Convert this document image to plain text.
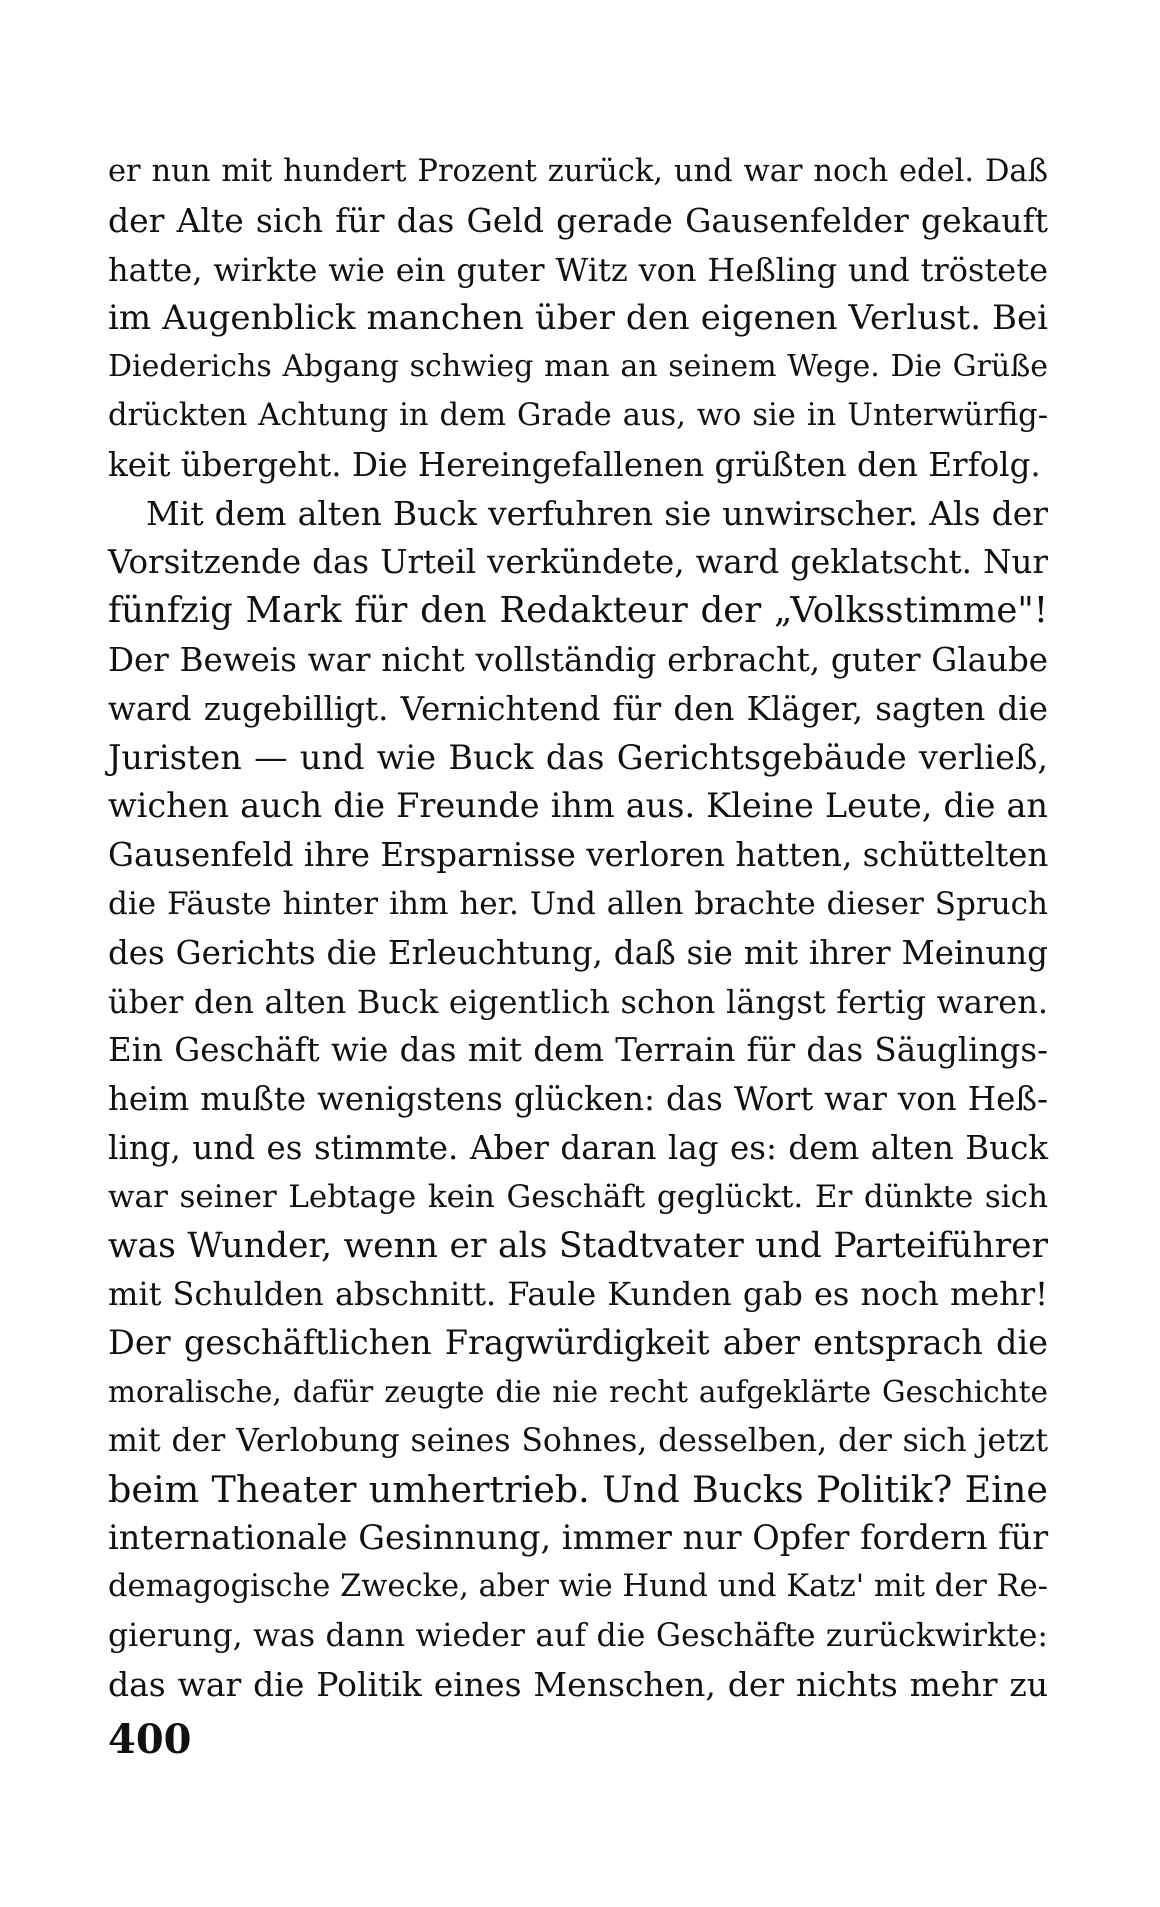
er nun mit hundert Prozent zurück, und war noch edel. Daß
der Alte sich für das Geld gerade Gausenfelder gekauft
hatte, wirkte wie ein guter Witz von Heßling und tröstete
im Augenblick manchen über den eigenen Verlust. Bei
Diederichs Abgang schwieg man an seinem Wege. Die Grüße
drückten Achtung in dem Grade aus, wo sie in Unterwürfig-
keit übergeht. Die Hereingefallenen grüßten den Erfolg.
Mit dem alten Buck verfuhren sie unwirscher. Als der
Vorsitzende das Urteil verkündete, ward geklatscht. Nur
fünfzig Mark für den Redakteur der „Volksstimme"!
Der Beweis war nicht vollständig erbracht, guter Glaube
ward zugebilligt. Vernichtend für den Kläger, sagten die
Juristen — und wie Buck das Gerichtsgebäude verließ,
wichen auch die Freunde ihm aus. Kleine Leute, die an
Gausenfeld ihre Ersparnisse verloren hatten, schüttelten
die Fäuste hinter ihm her. Und allen brachte dieser Spruch
des Gerichts die Erleuchtung, daß sie mit ihrer Meinung
über den alten Buck eigentlich schon längst fertig waren.
Ein Geschäft wie das mit dem Terrain für das Säuglings-
heim mußte wenigstens glücken: das Wort war von Heß-
ling, und es stimmte. Aber daran lag es: dem alten Buck
war seiner Lebtage kein Geschäft geglückt. Er dünkte sich
was Wunder, wenn er als Stadtvater und Parteiführer
mit Schulden abschnitt. Faule Kunden gab es noch mehr!
Der geschäftlichen Fragwürdigkeit aber entsprach die
moralische, dafür zeugte die nie recht aufgeklärte Geschichte
mit der Verlobung seines Sohnes, desselben, der sich jetzt
beim Theater umhertrieb. Und Bucks Politik? Eine
internationale Gesinnung, immer nur Opfer fordern für
demagogische Zwecke, aber wie Hund und Katz' mit der Re-
gierung, was dann wieder auf die Geschäfte zurückwirkte:
das war die Politik eines Menschen, der nichts mehr zu
400
